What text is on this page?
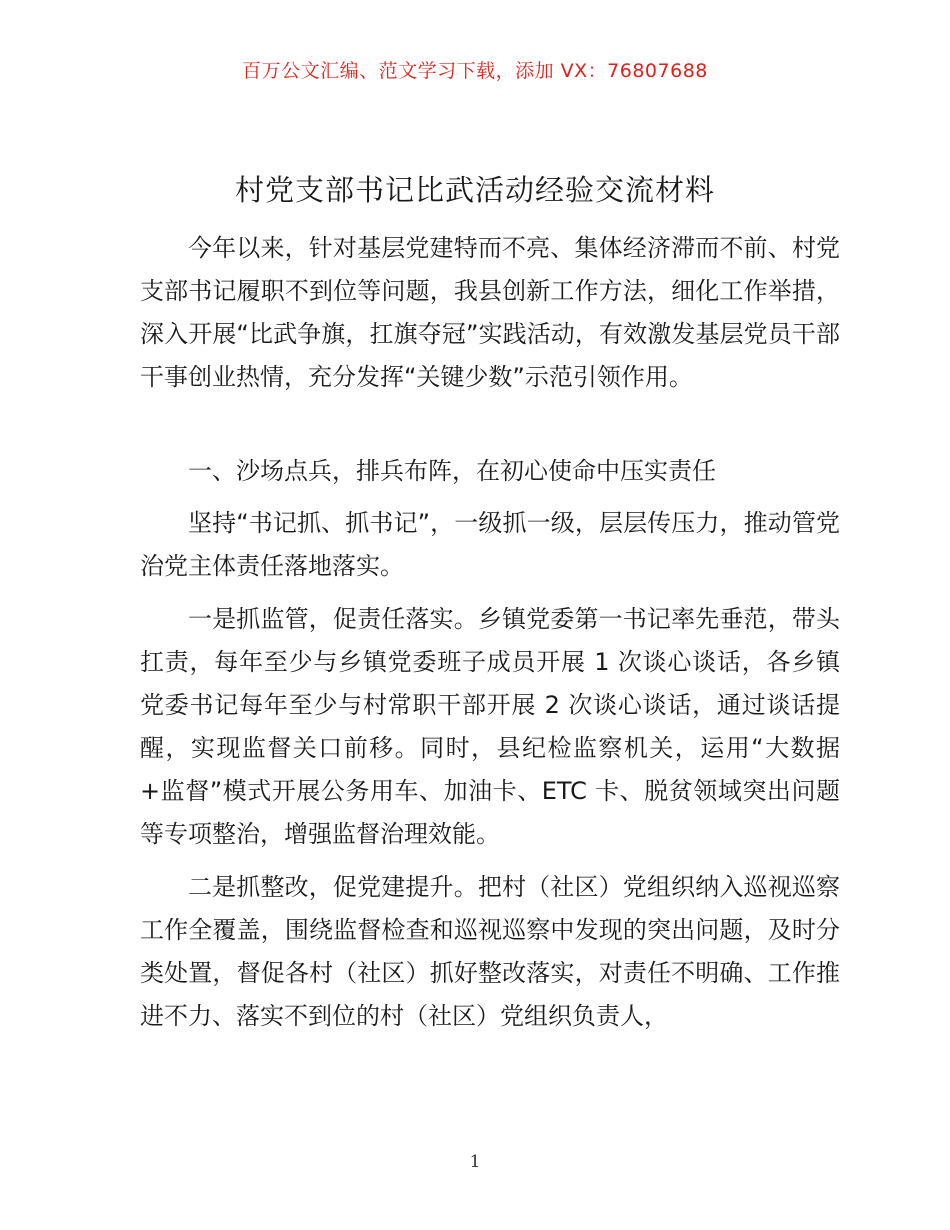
百万公文汇编、范文学习下载，添加 VX：76807688
村党支部书记比武活动经验交流材料

今年以来，针对基层党建特而不亮、集体经济滞而不前、村党支部书记履职不到位等问题，我县创新工作方法，细化工作举措，深入开展“比武争旗，扛旗夺冠”实践活动，有效激发基层党员干部干事创业热情，充分发挥“关键少数”示范引领作用。

一、沙场点兵，排兵布阵，在初心使命中压实责任

坚持“书记抓、抓书记”，一级抓一级，层层传压力，推动管党治党主体责任落地落实。

一是抓监管，促责任落实。乡镇党委第一书记率先垂范，带头扛责，每年至少与乡镇党委班子成员开展 1 次谈心谈话，各乡镇党委书记每年至少与村常职干部开展 2 次谈心谈话，通过谈话提醒，实现监督关口前移。同时，县纪检监察机关，运用“大数据+监督”模式开展公务用车、加油卡、ETC 卡、脱贫领域突出问题等专项整治，增强监督治理效能。

二是抓整改，促党建提升。把村（社区）党组织纳入巡视巡察工作全覆盖，围绕监督检查和巡视巡察中发现的突出问题，及时分类处置，督促各村（社区）抓好整改落实，对责任不明确、工作推进不力、落实不到位的村（社区）党组织负责人，

1
